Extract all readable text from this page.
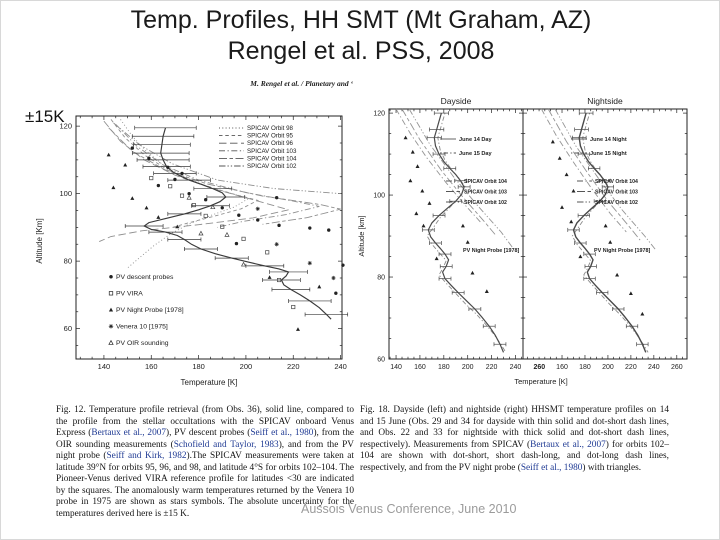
Temp. Profiles, HH SMT (Mt Graham, AZ)
Rengel et al. PSS, 2008
±15K
M. Rengel et al. / Planetary and ‘
140	160	180	200	220	240
120
100
80
60
Temperature [K]
Altitude [Km]
SPICAV Orbit 98
SPICAV Orbit 95
SPICAV Orbit 96
SPICAV Orbit 103
SPICAV Orbit 104
SPICAV Orbit 102
PV descent probes
PV VIRA
PV Night Probe [1978]
Venera 10 [1975]
PV OIR sounding
140 160 180 200 220 240 260
120
100
80
60
Dayside
160 180 200 220 240 260
Nightside
Temperature [K]
Altitude [km]
June 14 Day
June 15 Day
SPICAV Orbit 104
SPICAV Orbit 103
SPICAV Orbit 102
June 14 Night
June 15 Night
SPICAV Orbit 104
SPICAV Orbit 103
SPICAV Orbit 102
PV Night Probe [1978]	PV Night Probe [1978]
Fig. 12. Temperature profile retrieval (from Obs. 36), solid line, compared to the profile from the stellar occultations with the SPICAV onboard Venus Express (Bertaux et al., 2007), PV descent probes (Seiff et al., 1980), from the OIR sounding measurements (Schofield and Taylor, 1983), and from the PV night probe (Seiff and Kirk, 1982).The SPICAV measurements were taken at latitude 39°N for orbits 95, 96, and 98, and latitude 4°S for orbits 102–104. The Pioneer-Venus derived VIRA reference profile for latitudes <30 are indicated by the squares. The anomalously warm temperatures returned by the Venera 10 probe in 1975 are shown as stars symbols. The absolute uncertainty for the temperatures derived here is ±15 K.
Fig. 18. Dayside (left) and nightside (right) HHSMT temperature profiles on 14 and 15 June (Obs. 29 and 34 for dayside with thin solid and dot-short dash lines, and Obs. 22 and 33 for nightside with thick solid and dot-short dash lines, respectively). Measurements from SPICAV (Bertaux et al., 2007) for orbits 102–104 are shown with dot-short, short dash-long, and dot-long dash lines, respectively, and from the PV night probe (Seiff et al., 1980) with triangles.
Aussois Venus Conference, June 2010
